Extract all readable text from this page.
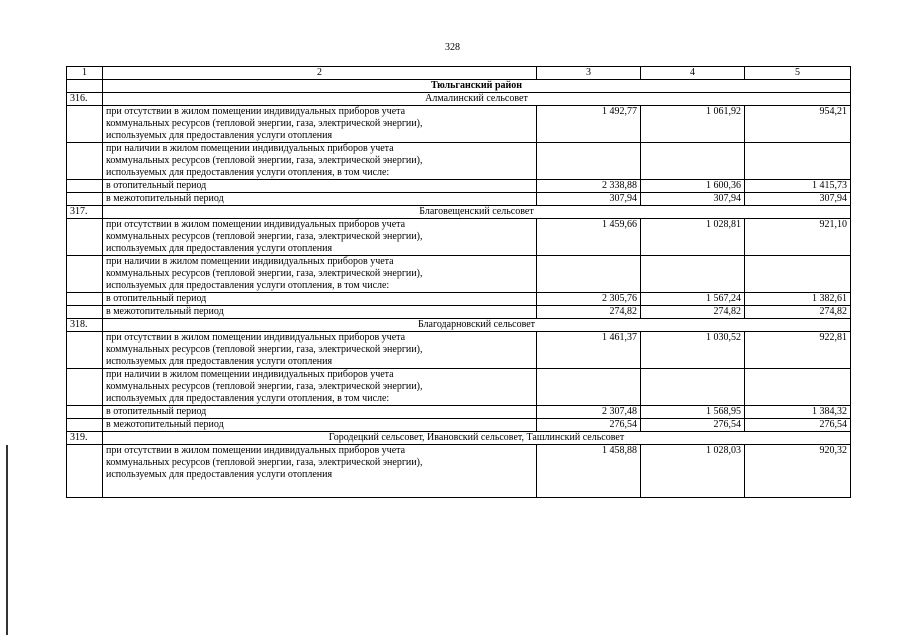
328
1	2	3	4	5
	Тюльганский район			
316.	Алмалинский сельсовет			

	при отсутствии в жилом помещении индивидуальных приборов учета
коммунальных ресурсов (тепловой энергии, газа, электрической энергии),
используемых для предоставления услуги отопления	1 492,77	1 061,92	954,21

	при наличии в жилом помещении индивидуальных приборов учета
коммунальных ресурсов (тепловой энергии, газа, электрической энергии),
используемых для предоставления услуги отопления, в том числе:			

	в отопительный период	2 338,88	1 600,36	1 415,73

	в межотопительный период	307,94	307,94	307,94
317.	Благовещенский сельсовет			

	при отсутствии в жилом помещении индивидуальных приборов учета
коммунальных ресурсов (тепловой энергии, газа, электрической энергии),
используемых для предоставления услуги отопления	1 459,66	1 028,81	921,10

	при наличии в жилом помещении индивидуальных приборов учета
коммунальных ресурсов (тепловой энергии, газа, электрической энергии),
используемых для предоставления услуги отопления, в том числе:			

	в отопительный период	2 305,76	1 567,24	1 382,61

	в межотопительный период	274,82	274,82	274,82
318.	Благодарновский сельсовет			

	при отсутствии в жилом помещении индивидуальных приборов учета
коммунальных ресурсов (тепловой энергии, газа, электрической энергии),
используемых для предоставления услуги отопления	1 461,37	1 030,52	922,81

	при наличии в жилом помещении индивидуальных приборов учета
коммунальных ресурсов (тепловой энергии, газа, электрической энергии),
используемых для предоставления услуги отопления, в том числе:			

	в отопительный период	2 307,48	1 568,95	1 384,32

	в межотопительный период	276,54	276,54	276,54
319.	Городецкий сельсовет, Ивановский сельсовет, Ташлинский сельсовет			

	при отсутствии в жилом помещении индивидуальных приборов учета
коммунальных ресурсов (тепловой энергии, газа, электрической энергии),
используемых для предоставления услуги отопления	1 458,88	1 028,03	920,32
